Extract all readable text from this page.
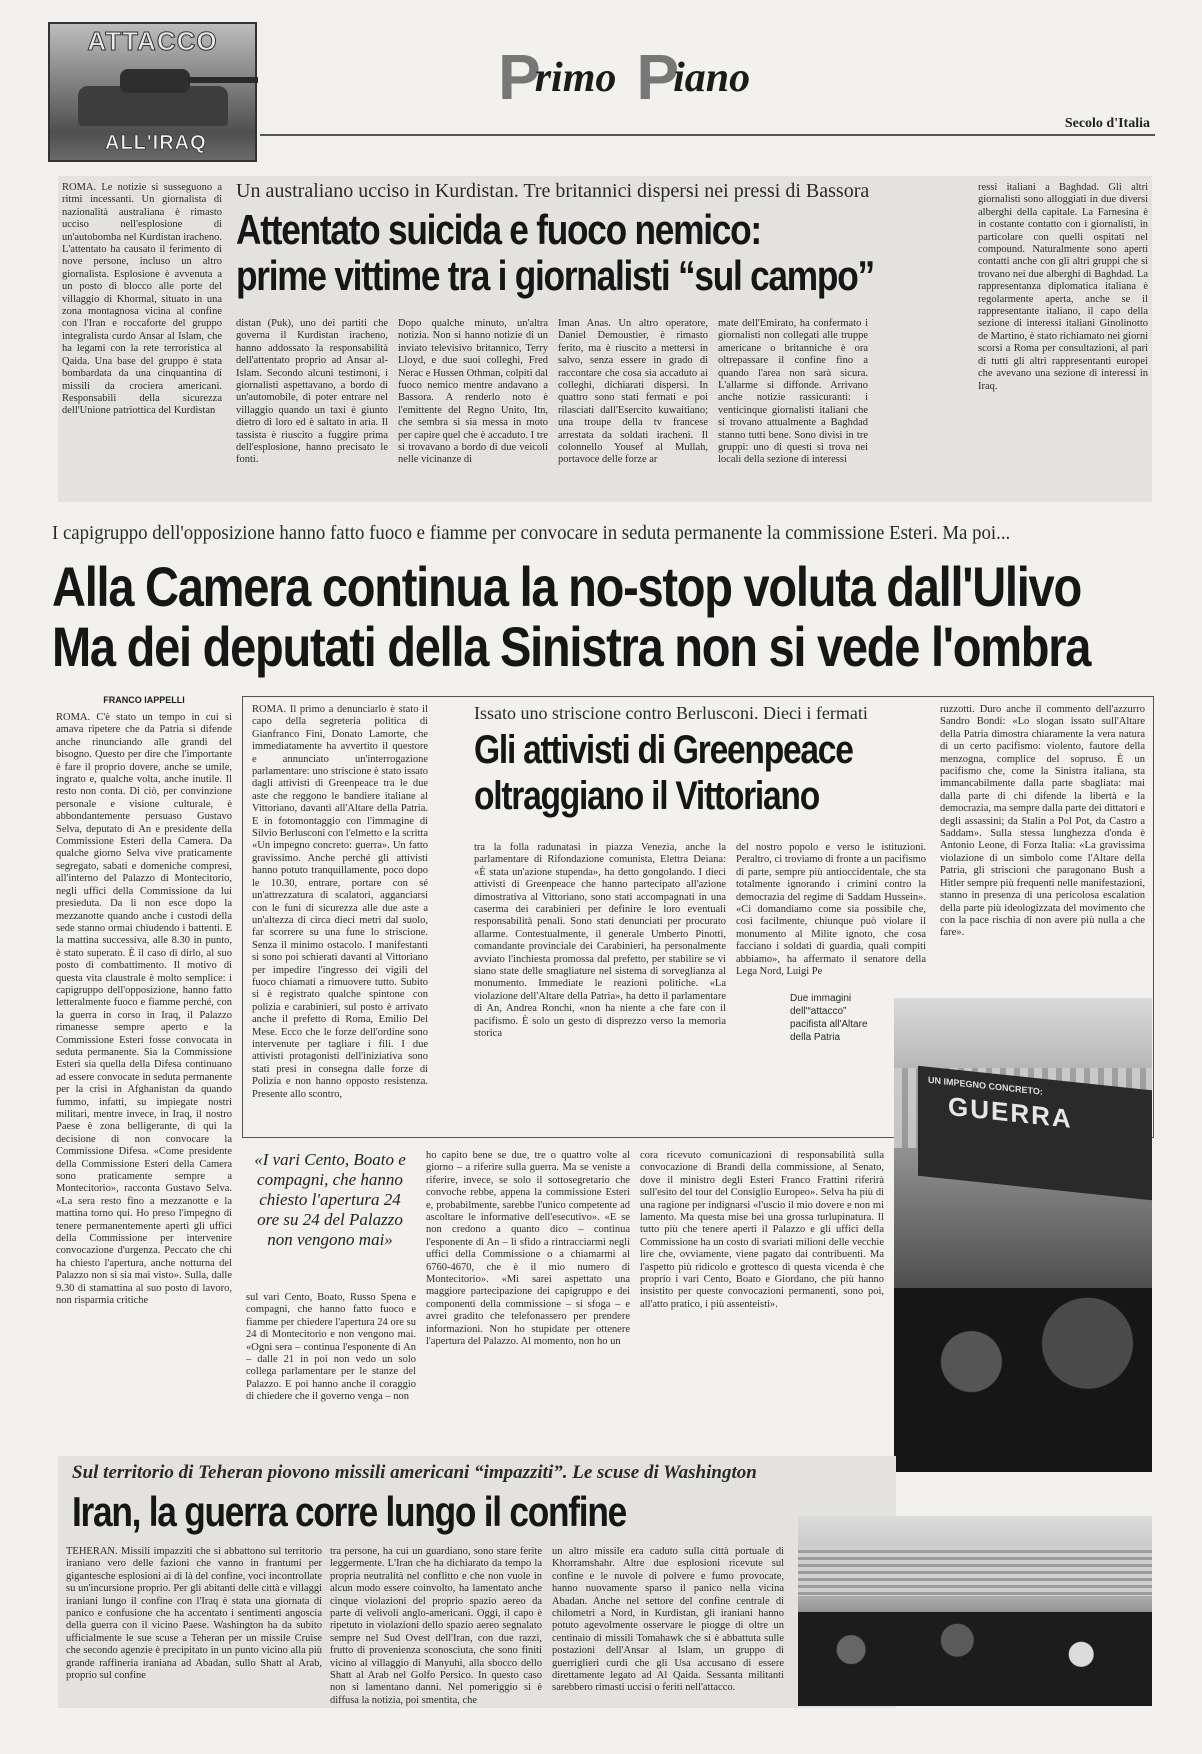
ATTACCO
ALL'IRAQ
Primo Piano
Secolo d'Italia
ROMA. Le notizie si susseguono a ritmi incessanti. Un giornalista di nazionalità australiana è rimasto ucciso nell'esplosione di un'autobomba nel Kurdistan iracheno. L'attentato ha causato il ferimento di nove persone, incluso un altro giornalista. Esplosione è avvenuta a un posto di blocco alle porte del villaggio di Khormal, situato in una zona montagnosa vicina al confine con l'Iran e roccaforte del gruppo integralista curdo Ansar al Islam, che ha legami con la rete terroristica al Qaida. Una base del gruppo è stata bombardata da una cinquantina di missili da crociera americani. Responsabili della sicurezza dell'Unione patriottica del Kurdistan
Un australiano ucciso in Kurdistan. Tre britannici dispersi nei pressi di Bassora
Attentato suicida e fuoco nemico:
prime vittime tra i giornalisti “sul campo”
distan (Puk), uno dei partiti che governa il Kurdistan iracheno, hanno addossato la responsabilità dell'attentato proprio ad Ansar al-Islam. Secondo alcuni testimoni, i giornalisti aspettavano, a bordo di un'automobile, di poter entrare nel villaggio quando un taxi è giunto dietro di loro ed è saltato in aria. Il tassista è riuscito a fuggire prima dell'esplosione, hanno precisato le fonti.
Dopo qualche minuto, un'altra notizia. Non si hanno notizie di un inviato televisivo britannico, Terry Lloyd, e due suoi colleghi, Fred Nerac e Hussen Othman, colpiti dal fuoco nemico mentre andavano a Bassora. A renderlo noto è l'emittente del Regno Unito, Itn, che sembra si sia messa in moto per capire quel che è accaduto. I tre si trovavano a bordo di due veicoli nelle vicinanze di
Iman Anas. Un altro operatore, Daniel Demoustier, è rimasto ferito, ma è riuscito a mettersi in salvo, senza essere in grado di raccontare che cosa sia accaduto ai colleghi, dichiarati dispersi. In quattro sono stati fermati e poi rilasciati dall'Esercito kuwaitiano; una troupe della tv francese arrestata da soldati iracheni. Il colonnello Yousef al Mullah, portavoce delle forze ar
mate dell'Emirato, ha confermato i giornalisti non collegati alle truppe americane o britanniche è ora oltrepassare il confine fino a quando l'area non sarà sicura. L'allarme si diffonde. Arrivano anche notizie rassicuranti: i venticinque giornalisti italiani che si trovano attualmente a Baghdad stanno tutti bene. Sono divisi in tre gruppi: uno di questi si trova nei locali della sezione di interessi
ressi italiani a Baghdad. Gli altri giornalisti sono alloggiati in due diversi alberghi della capitale. La Farnesina è in costante contatto con i giornalisti, in particolare con quelli ospitati nel compound. Naturalmente sono aperti contatti anche con gli altri gruppi che si trovano nei due alberghi di Baghdad. La rappresentanza diplomatica italiana è regolarmente aperta, anche se il rappresentante italiano, il capo della sezione di interessi italiani Ginolinotto de Martino, è stato richiamato nei giorni scorsi a Roma per consultazioni, al pari di tutti gli altri rappresentanti europei che avevano una sezione di interessi in Iraq.
I capigruppo dell'opposizione hanno fatto fuoco e fiamme per convocare in seduta permanente la commissione Esteri. Ma poi...
Alla Camera continua la no-stop voluta dall'Ulivo
Ma dei deputati della Sinistra non si vede l'ombra
FRANCO IAPPELLI
ROMA. C'è stato un tempo in cui si amava ripetere che da Patria si difende anche rinunciando alle grandi del bisogno. Questo per dire che l'importante è fare il proprio dovere, anche se umile, ingrato e, qualche volta, anche inutile. Il resto non conta. Di ciò, per convinzione personale e visione culturale, è abbondantemente persuaso Gustavo Selva, deputato di An e presidente della Commissione Esteri della Camera. Da qualche giorno Selva vive praticamente segregato, sabati e domeniche compresi, all'interno del Palazzo di Montecitorio, negli uffici della Commissione da lui presieduta. Da lì non esce dopo la mezzanotte quando anche i custodi della sede stanno ormai chiudendo i battenti. E la mattina successiva, alle 8.30 in punto, è stato superato. È il caso di dirlo, al suo posto di combattimento. Il motivo di questa vita claustrale è molto semplice: i capigruppo dell'opposizione, hanno fatto letteralmente fuoco e fiamme perché, con la guerra in corso in Iraq, il Palazzo rimanesse sempre aperto e la Commissione Esteri fosse convocata in seduta permanente. Sia la Commissione Esteri sia quella della Difesa continuano ad essere convocate in seduta permanente per la crisi in Afghanistan da quando fummo, infatti, su impiegate nostri militari, mentre invece, in Iraq, il nostro Paese è zona belligerante, di qui la decisione di non convocare la Commissione Difesa. «Come presidente della Commissione Esteri della Camera sono praticamente sempre a Montecitorio», racconta Gustavo Selva. «La sera resto fino a mezzanotte e la mattina torno qui. Ho preso l'impegno di tenere permanentemente aperti gli uffici della Commissione per intervenire convocazione d'urgenza. Peccato che chi ha chiesto l'apertura, anche notturna del Palazzo non si sia mai visto». Sulla, dalle 9.30 di stamattina al suo posto di lavoro, non risparmia critiche
ROMA. Il primo a denunciarlo è stato il capo della segreteria politica di Gianfranco Fini, Donato Lamorte, che immediatamente ha avvertito il questore e annunciato un'interrogazione parlamentare: uno striscione è stato issato dagli attivisti di Greenpeace tra le due aste che reggono le bandiere italiane al Vittoriano, davanti all'Altare della Patria. E in fotomontaggio con l'immagine di Silvio Berlusconi con l'elmetto e la scritta «Un impegno concreto: guerra». Un fatto gravissimo. Anche perché gli attivisti hanno potuto tranquillamente, poco dopo le 10.30, entrare, portare con sé un'attrezzatura di scalatori, agganciarsi con le funi di sicurezza alle due aste a un'altezza di circa dieci metri dal suolo, far scorrere su una fune lo striscione. Senza il minimo ostacolo. I manifestanti si sono poi schierati davanti al Vittoriano per impedire l'ingresso dei vigili del fuoco chiamati a rimuovere tutto. Subito si è registrato qualche spintone con polizia e carabinieri, sul posto è arrivato anche il prefetto di Roma, Emilio Del Mese. Ecco che le forze dell'ordine sono intervenute per tagliare i fili. I due attivisti protagonisti dell'iniziativa sono stati presi in consegna dalle forze di Polizia e non hanno opposto resistenza. Presente allo scontro,
Issato uno striscione contro Berlusconi. Dieci i fermati
Gli attivisti di Greenpeace
oltraggiano il Vittoriano
tra la folla radunatasi in piazza Venezia, anche la parlamentare di Rifondazione comunista, Elettra Deiana: «È stata un'azione stupenda», ha detto gongolando. I dieci attivisti di Greenpeace che hanno partecipato all'azione dimostrativa al Vittoriano, sono stati accompagnati in una caserma dei carabinieri per definire le loro eventuali responsabilità penali. Sono stati denunciati per procurato allarme. Contestualmente, il generale Umberto Pinotti, comandante provinciale dei Carabinieri, ha personalmente avviato l'inchiesta promossa dal prefetto, per stabilire se vi siano state delle smagliature nel sistema di sorveglianza al monumento. Immediate le reazioni politiche. «La violazione dell'Altare della Patria», ha detto il parlamentare di An, Andrea Ronchi, «non ha niente a che fare con il pacifismo. È solo un gesto di disprezzo verso la memoria storica
del nostro popolo e verso le istituzioni. Peraltro, ci troviamo di fronte a un pacifismo di parte, sempre più antioccidentale, che sta totalmente ignorando i crimini contro la democrazia del regime di Saddam Hussein». «Ci domandiamo come sia possibile che, così facilmente, chiunque può violare il monumento al Milite ignoto, che cosa facciano i soldati di guardia, quali compiti abbiamo», ha affermato il senatore della Lega Nord, Luigi Pe
Due immagini dell'“attacco” pacifista all'Altare della Patria
ruzzotti. Duro anche il commento dell'azzurro Sandro Bondi: «Lo slogan issato sull'Altare della Patria dimostra chiaramente la vera natura di un certo pacifismo: violento, fautore della menzogna, complice del sopruso. È un pacifismo che, come la Sinistra italiana, sta immancabilmente dalla parte sbagliata: mai dalla parte di chi difende la libertà e la democrazia, ma sempre dalla parte dei dittatori e degli assassini; da Stalin a Pol Pot, da Castro a Saddam». Sulla stessa lunghezza d'onda è Antonio Leone, di Forza Italia: «La gravissima violazione di un simbolo come l'Altare della Patria, gli striscioni che paragonano Bush a Hitler sempre più frequenti nelle manifestazioni, stanno in presenza di una pericolosa escalation della parte più ideologizzata del movimento che con la pace rischia di non avere più nulla a che fare».
UN IMPEGNO CONCRETO:
GUERRA
«I vari Cento, Boato e compagni, che hanno chiesto l'apertura 24 ore su 24 del Palazzo non vengono mai»
sul vari Cento, Boato, Russo Spena e compagni, che hanno fatto fuoco e fiamme per chiedere l'apertura 24 ore su 24 di Montecitorio e non vengono mai. «Ogni sera – continua l'esponente di An – dalle 21 in poi non vedo un solo collega parlamentare per le stanze del Palazzo. E poi hanno anche il coraggio di chiedere che il governo venga – non
ho capito bene se due, tre o quattro volte al giorno – a riferire sulla guerra. Ma se veniste a riferire, invece, se solo il sottosegretario che convoche rebbe, appena la commissione Esteri e, probabilmente, sarebbe l'unico competente ad ascoltare le informative dell'esecutivo». «E se non credono a quanto dico – continua l'esponente di An – li sfido a rintracciarmi negli uffici della Commissione o a chiamarmi al 6760-4670, che è il mio numero di Montecitorio». «Mi sarei aspettato una maggiore partecipazione dei capigruppo e dei componenti della commissione – si sfoga – e avrei gradito che telefonassero per prendere informazioni. Non ho stupidate per ottenere l'apertura del Palazzo. Al momento, non ho un
cora ricevuto comunicazioni di responsabilità sulla convocazione di Brandi della commissione, al Senato, dove il ministro degli Esteri Franco Frattini riferirà sull'esito del tour del Consiglio Europeo». Selva ha più di una ragione per indignarsi «l'uscio il mio dovere e non mi lamento. Ma questa mise bei una grossa turlupinatura. Il tutto più che tenere aperti il Palazzo e gli uffici della Commissione ha un costo di svariati milioni delle vecchie lire che, ovviamente, viene pagato dai contribuenti. Ma l'aspetto più ridicolo e grottesco di questa vicenda è che proprio i vari Cento, Boato e Giordano, che più hanno insistito per queste convocazioni permanenti, sono poi, all'atto pratico, i più assenteisti».
Sul territorio di Teheran piovono missili americani “impazziti”. Le scuse di Washington
Iran, la guerra corre lungo il confine
TEHERAN. Missili impazziti che si abbattono sul territorio iraniano vero delle fazioni che vanno in frantumi per gigantesche esplosioni ai di là del confine, voci incontrollate su un'incursione proprio. Per gli abitanti delle città e villaggi iraniani lungo il confine con l'Iraq è stata una giornata di panico e confusione che ha accentato i sentimenti angoscia della guerra con il vicino Paese. Washington ha da subito ufficialmente le sue scuse a Teheran per un missile Cruise che secondo agenzie è precipitato in un punto vicino alla più grande raffineria iraniana ad Abadan, sullo Shatt al Arab, proprio sul confine
tra persone, ha cui un guardiano, sono stare ferite leggermente. L'Iran che ha dichiarato da tempo la propria neutralità nel conflitto e che non vuole in alcun modo essere coinvolto, ha lamentato anche cinque violazioni del proprio spazio aereo da parte di velivoli anglo-americani. Oggi, il capo è ripetuto in violazioni dello spazio aereo segnalato sempre nel Sud Ovest dell'Iran, con due razzi, frutto di provenienza sconosciuta, che sono finiti vicino al villaggio di Manyuhi, alla sbocco dello Shatt al Arab nel Golfo Persico. In questo caso non si lamentano danni. Nel pomeriggio si è diffusa la notizia, poi smentita, che
un altro missile era caduto sulla città portuale di Khorramshahr. Altre due esplosioni ricevute sul confine e le nuvole di polvere e fumo provocate, hanno nuovamente sparso il panico nella vicina Abadan. Anche nel settore del confine centrale di chilometri a Nord, in Kurdistan, gli iraniani hanno potuto agevolmente osservare le piogge di oltre un centinaio di missili Tomahawk che si è abbattuta sulle postazioni dell'Ansar al Islam, un gruppo di guerriglieri curdi che gli Usa accusano di essere direttamente legato ad Al Qaida. Sessanta militanti sarebbero rimasti uccisi o feriti nell'attacco.
